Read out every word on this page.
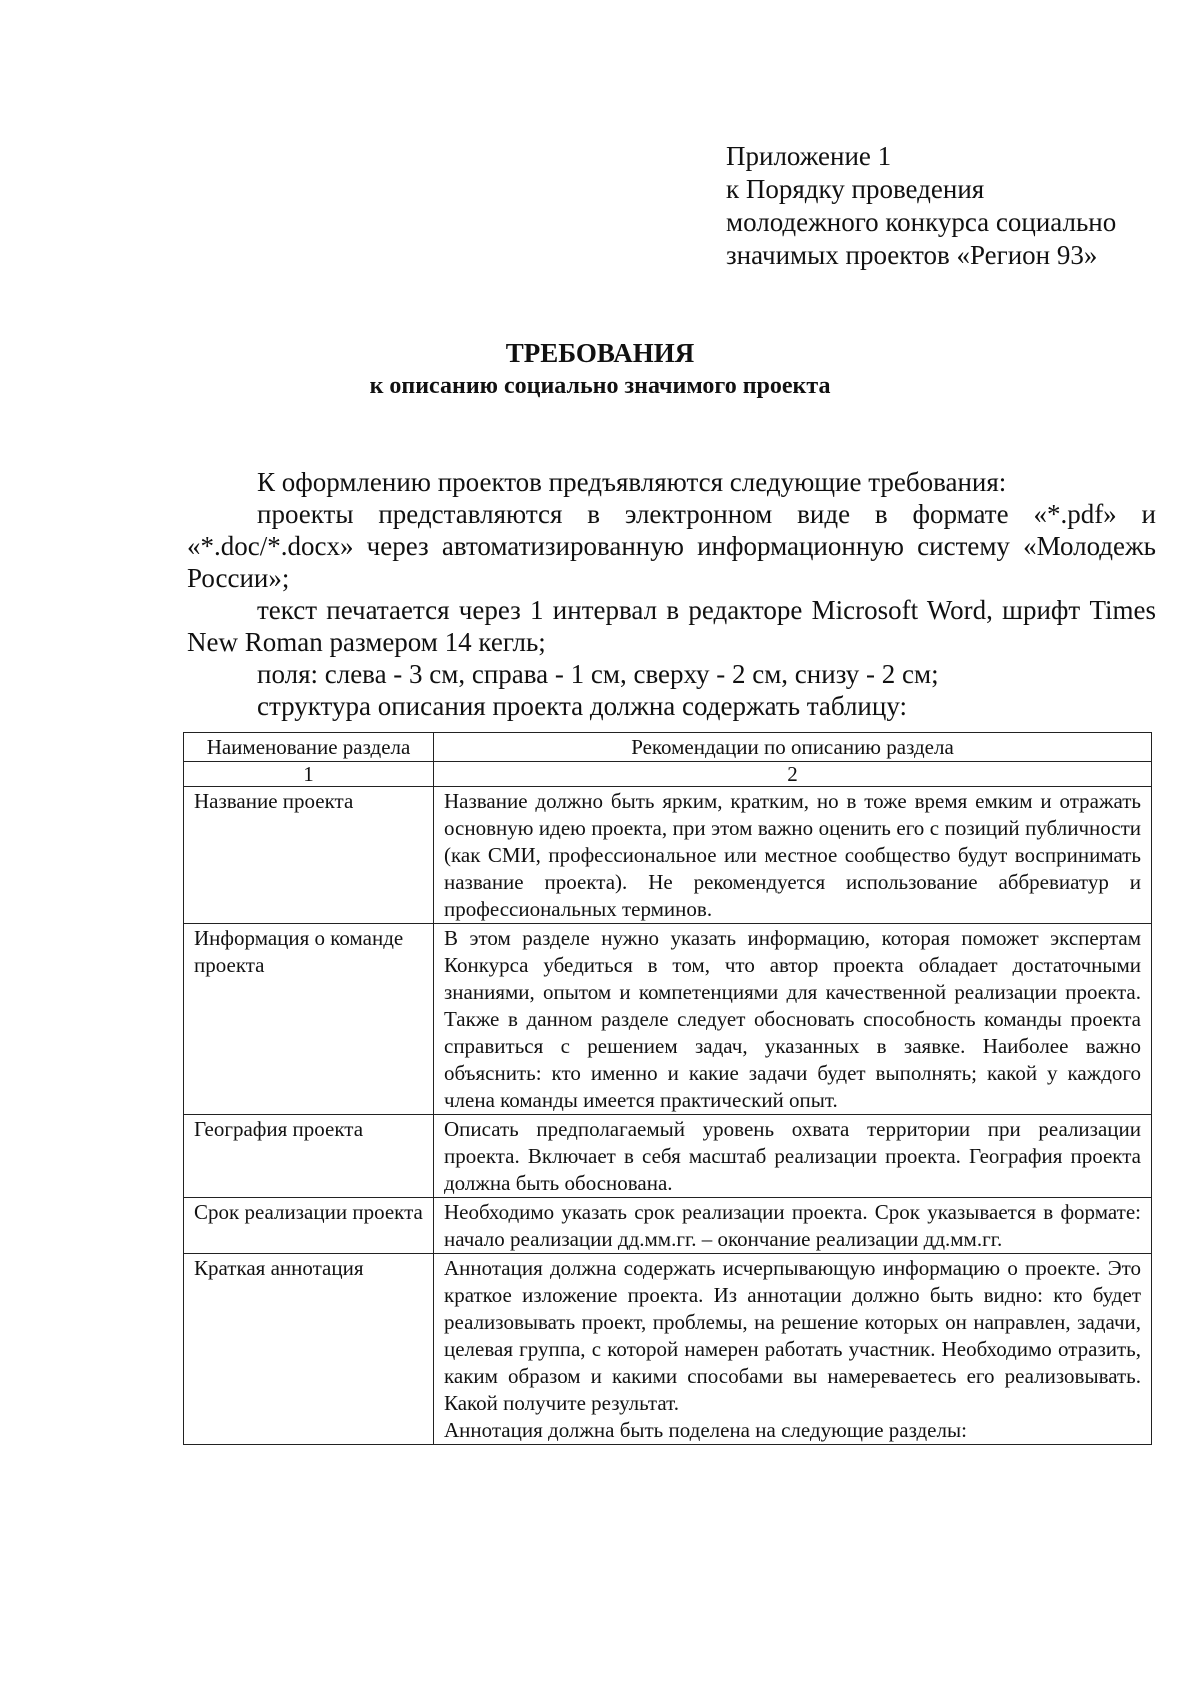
Приложение 1
к Порядку проведения
молодежного конкурса социально
значимых проектов «Регион 93»
ТРЕБОВАНИЯ
к описанию социально значимого проекта

К оформлению проектов предъявляются следующие требования:

проекты представляются в электронном виде в формате «*.pdf» и «*.doc/*.docx» через автоматизированную информационную систему «Молодежь России»;

текст печатается через 1 интервал в редакторе Microsoft Word, шрифт Times New Roman размером 14 кегль;

поля: слева - 3 см, справа - 1 см, сверху - 2 см, снизу - 2 см;

структура описания проекта должна содержать таблицу:

Наименование раздела	Рекомендации по описанию раздела
1	2
Название проекта	Название должно быть ярким, кратким, но в тоже время емким и отражать основную идею проекта, при этом важно оценить его с позиций публичности (как СМИ, профессиональное или местное сообщество будут воспринимать название проекта). Не рекомендуется использование аббревиатур и профессиональных терминов.

Информация о команде проекта	В этом разделе нужно указать информацию, которая поможет экспертам Конкурса убедиться в том, что автор проекта обладает достаточными знаниями, опытом и компетенциями для качественной реализации проекта. Также в данном разделе следует обосновать способность команды проекта справиться с решением задач, указанных в заявке. Наиболее важно объяснить: кто именно и какие задачи будет выполнять; какой у каждого члена команды имеется практический опыт.

География проекта	Описать предполагаемый уровень охвата территории при реализации проекта. Включает в себя масштаб реализации проекта. География проекта должна быть обоснована.

Срок реализации проекта	Необходимо указать срок реализации проекта. Срок указывается в формате: начало реализации дд.мм.гг. – окончание реализации дд.мм.гг.

Краткая аннотация	Аннотация должна содержать исчерпывающую информацию о проекте. Это краткое изложение проекта. Из аннотации должно быть видно: кто будет реализовывать проект, проблемы, на решение которых он направлен, задачи, целевая группа, с которой намерен работать участник. Необходимо отразить, каким образом и какими способами вы намереваетесь его реализовывать. Какой получите результат.

Аннотация должна быть поделена на следующие разделы:
